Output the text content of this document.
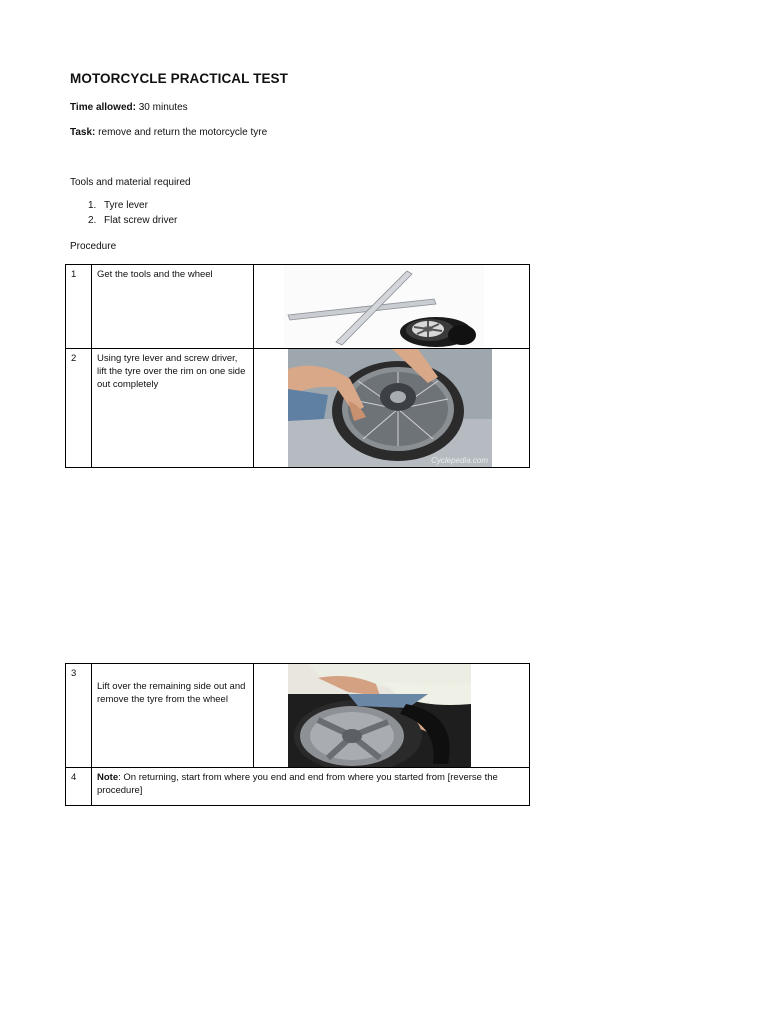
MOTORCYCLE PRACTICAL TEST
Time allowed: 30 minutes
Task: remove and return the motorcycle tyre
Tools and material required
1. Tyre lever
2. Flat screw driver
Procedure
1	Get the tools and the wheel	

2	Using tyre lever and screw driver, lift the tyre over the rim on one side out completely	Cyclepedia.com
3	Lift over the remaining side out and remove the tyre from the wheel	

4	Note: On returning, start from where you end and end from where you started from [reverse the procedure]	
